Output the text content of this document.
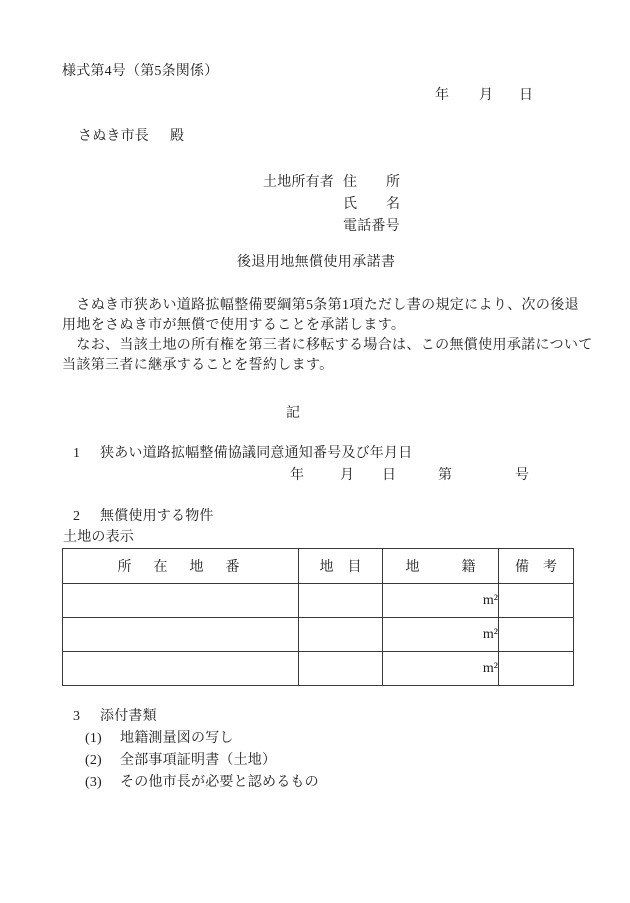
様式第4号（第5条関係）
年 月 日
さぬき市長 殿
土地所有者 住 所
氏 名
電話番号
後退用地無償使用承諾書
　さぬき市狭あい道路拡幅整備要綱第5条第1項ただし書の規定により、次の後退
用地をさぬき市が無償で使用することを承諾します。
　なお、当該土地の所有権を第三者に移転する場合は、この無償使用承諾について
当該第三者に継承することを誓約します。
記
1 狭あい道路拡幅整備協議同意通知番号及び年月日
年	月 日	第	号
2 無償使用する物件
土地の表示
所　在　地　番	地　目	地　　　籍	備　考
		m²	
		m²	
		m²	
3 添付書類
(1) 地籍測量図の写し
(2) 全部事項証明書（土地）
(3) その他市長が必要と認めるもの
